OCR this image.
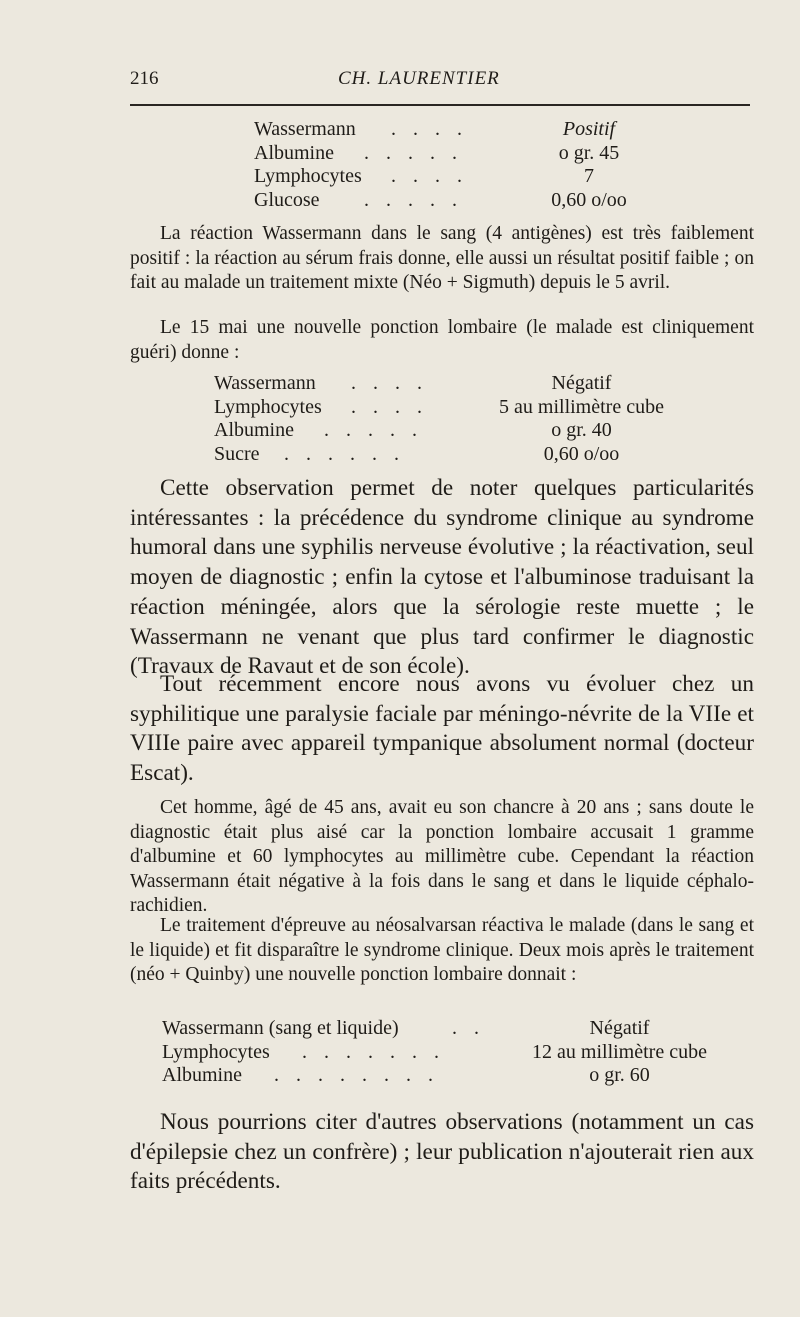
216	CH. LAURENTIER
Wassermann . . . .	Positif
Albumine . . . . .	o gr. 45
Lymphocytes . . . .	7
Glucose . . . . .	0,60 o/oo

La réaction Wassermann dans le sang (4 antigènes) est très faiblement positif : la réaction au sérum frais donne, elle aussi un résultat positif faible ; on fait au malade un traitement mixte (Néo + Sigmuth) depuis le 5 avril.

Le 15 mai une nouvelle ponction lombaire (le malade est cliniquement guéri) donne :

Wassermann . . . .	Négatif
Lymphocytes . . . .	5 au millimètre cube
Albumine . . . . .	o gr. 40
Sucre . . . . . .	0,60 o/oo

Cette observation permet de noter quelques particularités intéressantes : la précédence du syndrome clinique au syndrome humoral dans une syphilis nerveuse évolutive ; la réactivation, seul moyen de diagnostic ; enfin la cytose et l'albuminose traduisant la réaction méningée, alors que la sérologie reste muette ; le Wassermann ne venant que plus tard confirmer le diagnostic (Travaux de Ravaut et de son école).

Tout récemment encore nous avons vu évoluer chez un syphilitique une paralysie faciale par méningo-névrite de la VIIe et VIIIe paire avec appareil tympanique absolument normal (docteur Escat).

Cet homme, âgé de 45 ans, avait eu son chancre à 20 ans ; sans doute le diagnostic était plus aisé car la ponction lombaire accusait 1 gramme d'albumine et 60 lymphocytes au millimètre cube. Cependant la réaction Wassermann était négative à la fois dans le sang et dans le liquide céphalo-rachidien.

Le traitement d'épreuve au néosalvarsan réactiva le malade (dans le sang et le liquide) et fit disparaître le syndrome clinique. Deux mois après le traitement (néo + Quinby) une nouvelle ponction lombaire donnait :

Wassermann (sang et liquide)	. .	Négatif
Lymphocytes . . . . . . .	12 au millimètre cube
Albumine . . . . . . . .	o gr. 60

Nous pourrions citer d'autres observations (notamment un cas d'épilepsie chez un confrère) ; leur publication n'ajouterait rien aux faits précédents.
